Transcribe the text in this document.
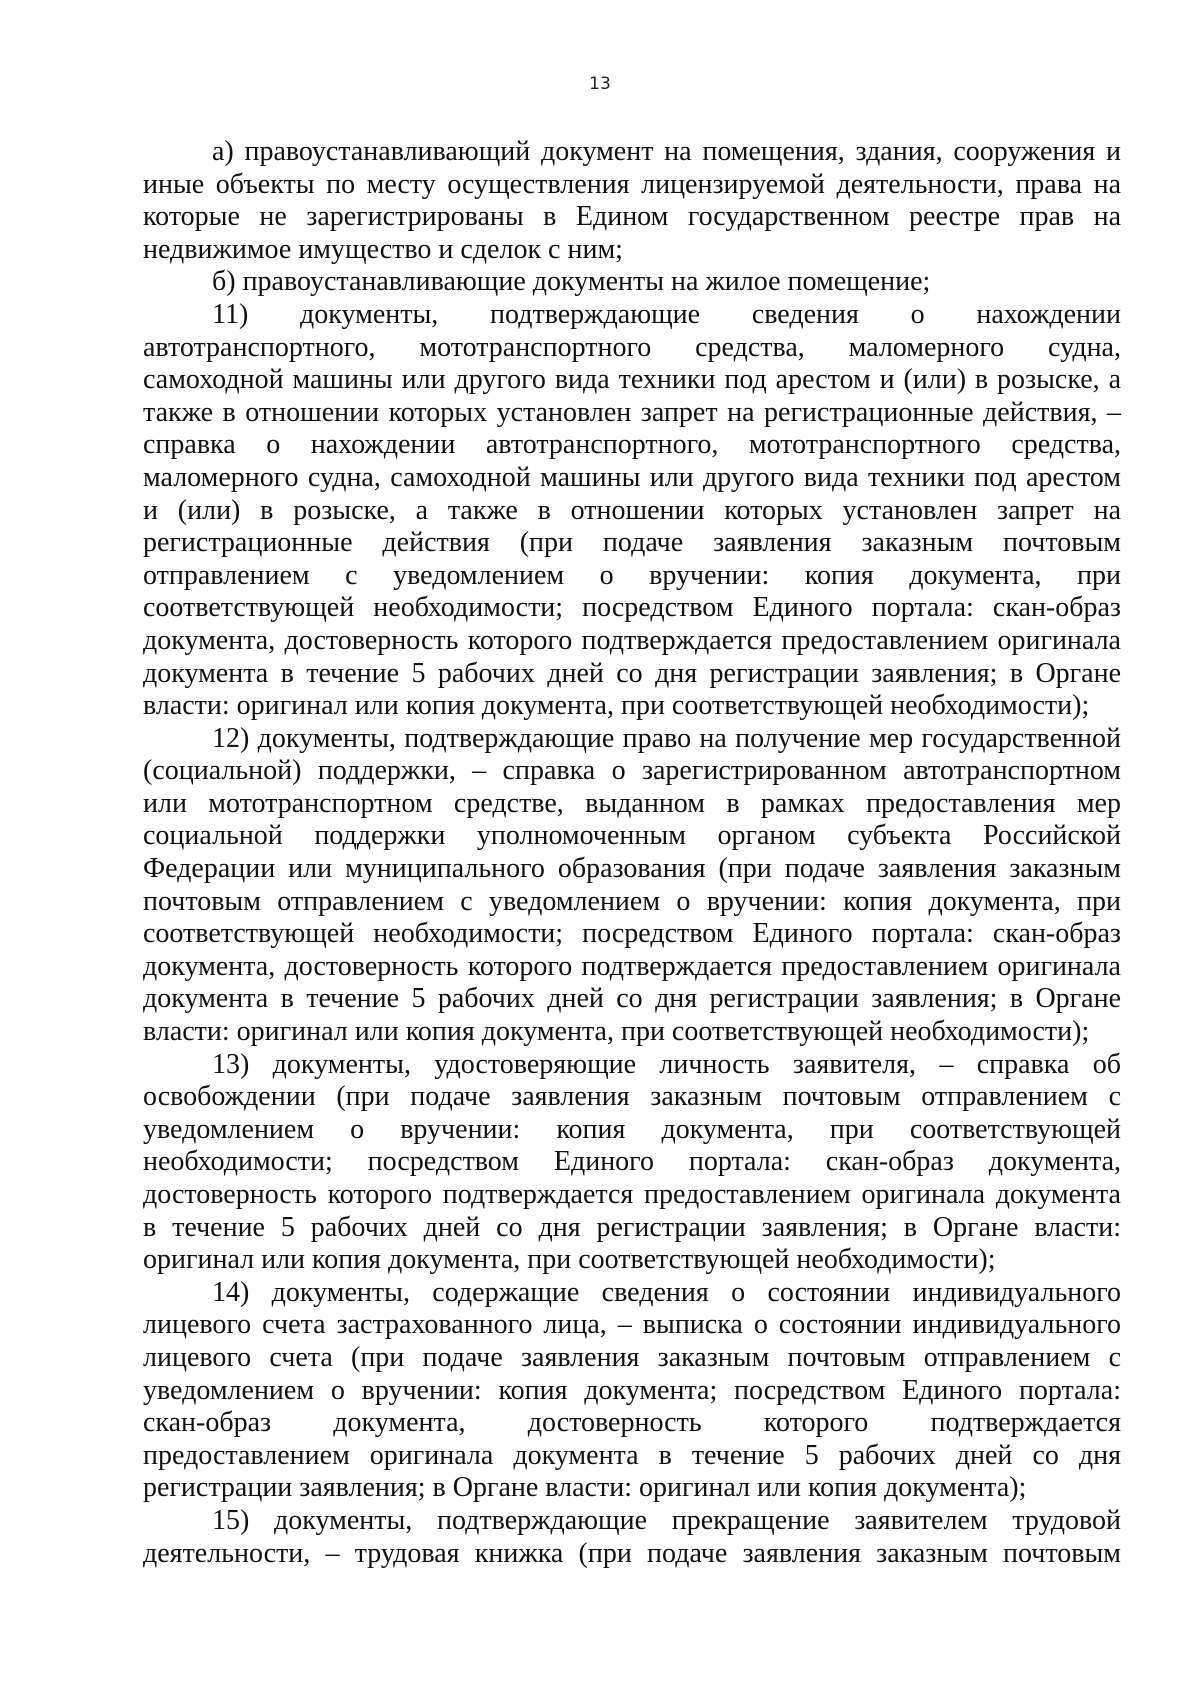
13
а) правоустанавливающий документ на помещения, здания, сооружения и
иные объекты по месту осуществления лицензируемой деятельности, права на
которые не зарегистрированы в Едином государственном реестре прав на
недвижимое имущество и сделок с ним;
б) правоустанавливающие документы на жилое помещение;
11) документы, подтверждающие сведения о нахождении
автотранспортного, мототранспортного средства, маломерного судна,
самоходной машины или другого вида техники под арестом и (или) в розыске, а
также в отношении которых установлен запрет на регистрационные действия, –
справка о нахождении автотранспортного, мототранспортного средства,
маломерного судна, самоходной машины или другого вида техники под арестом
и (или) в розыске, а также в отношении которых установлен запрет на
регистрационные действия (при подаче заявления заказным почтовым
отправлением с уведомлением о вручении: копия документа, при
соответствующей необходимости; посредством Единого портала: скан-образ
документа, достоверность которого подтверждается предоставлением оригинала
документа в течение 5 рабочих дней со дня регистрации заявления; в Органе
власти: оригинал или копия документа, при соответствующей необходимости);
12) документы, подтверждающие право на получение мер государственной
(социальной) поддержки, – справка о зарегистрированном автотранспортном
или мототранспортном средстве, выданном в рамках предоставления мер
социальной поддержки уполномоченным органом субъекта Российской
Федерации или муниципального образования (при подаче заявления заказным
почтовым отправлением с уведомлением о вручении: копия документа, при
соответствующей необходимости; посредством Единого портала: скан-образ
документа, достоверность которого подтверждается предоставлением оригинала
документа в течение 5 рабочих дней со дня регистрации заявления; в Органе
власти: оригинал или копия документа, при соответствующей необходимости);
13) документы, удостоверяющие личность заявителя, – справка об
освобождении (при подаче заявления заказным почтовым отправлением с
уведомлением о вручении: копия документа, при соответствующей
необходимости; посредством Единого портала: скан-образ документа,
достоверность которого подтверждается предоставлением оригинала документа
в течение 5 рабочих дней со дня регистрации заявления; в Органе власти:
оригинал или копия документа, при соответствующей необходимости);
14) документы, содержащие сведения о состоянии индивидуального
лицевого счета застрахованного лица, – выписка о состоянии индивидуального
лицевого счета (при подаче заявления заказным почтовым отправлением с
уведомлением о вручении: копия документа; посредством Единого портала:
скан-образ документа, достоверность которого подтверждается
предоставлением оригинала документа в течение 5 рабочих дней со дня
регистрации заявления; в Органе власти: оригинал или копия документа);
15) документы, подтверждающие прекращение заявителем трудовой
деятельности, – трудовая книжка (при подаче заявления заказным почтовым
